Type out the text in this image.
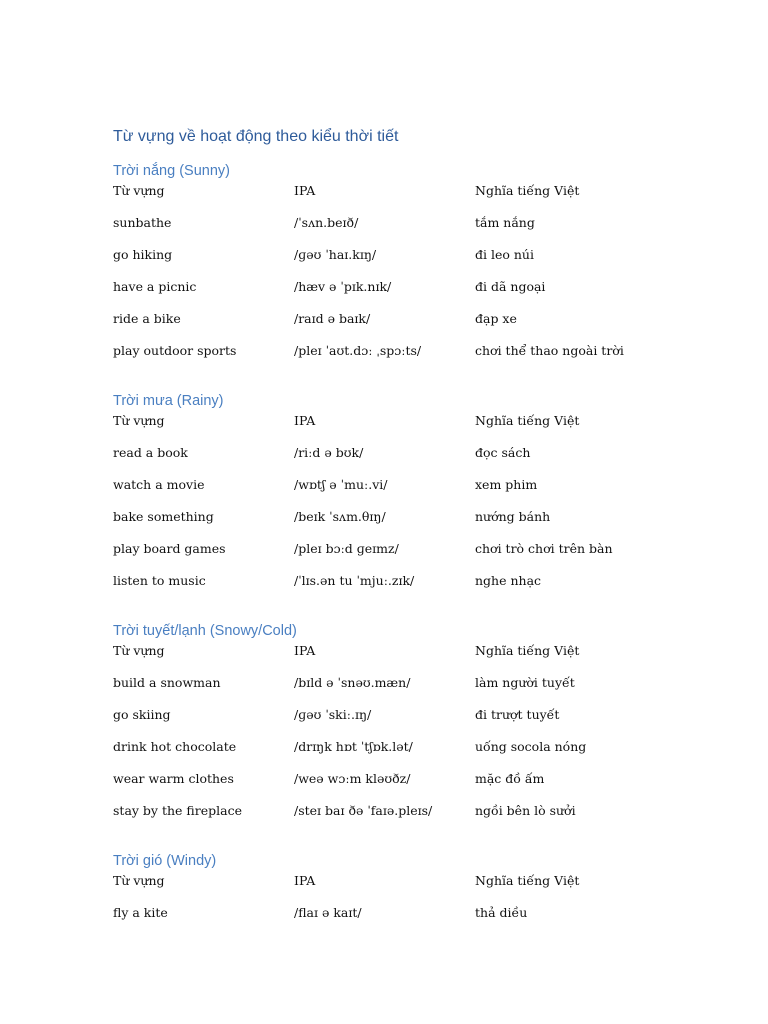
Từ vựng về hoạt động theo kiểu thời tiết
Trời nắng (Sunny)
Từ vựng	IPA	Nghĩa tiếng Việt
sunbathe	/ˈsʌn.beɪð/	tắm nắng
go hiking	/ɡəʊ ˈhaɪ.kɪŋ/	đi leo núi
have a picnic	/hæv ə ˈpɪk.nɪk/	đi dã ngoại
ride a bike	/raɪd ə baɪk/	đạp xe
play outdoor sports	/pleɪ ˈaʊt.dɔː ˌspɔːts/	chơi thể thao ngoài trời
Trời mưa (Rainy)
Từ vựng	IPA	Nghĩa tiếng Việt
read a book	/riːd ə bʊk/	đọc sách
watch a movie	/wɒtʃ ə ˈmuː.vi/	xem phim
bake something	/beɪk ˈsʌm.θɪŋ/	nướng bánh
play board games	/pleɪ bɔːd ɡeɪmz/	chơi trò chơi trên bàn
listen to music	/ˈlɪs.ən tu ˈmjuː.zɪk/	nghe nhạc
Trời tuyết/lạnh (Snowy/Cold)
Từ vựng	IPA	Nghĩa tiếng Việt
build a snowman	/bɪld ə ˈsnəʊ.mæn/	làm người tuyết
go skiing	/ɡəʊ ˈskiː.ɪŋ/	đi trượt tuyết
drink hot chocolate	/drɪŋk hɒt ˈtʃɒk.lət/	uống socola nóng
wear warm clothes	/weə wɔːm kləʊðz/	mặc đồ ấm
stay by the fireplace	/steɪ baɪ ðə ˈfaɪə.pleɪs/	ngồi bên lò sưởi
Trời gió (Windy)
Từ vựng	IPA	Nghĩa tiếng Việt
fly a kite	/flaɪ ə kaɪt/	thả diều
